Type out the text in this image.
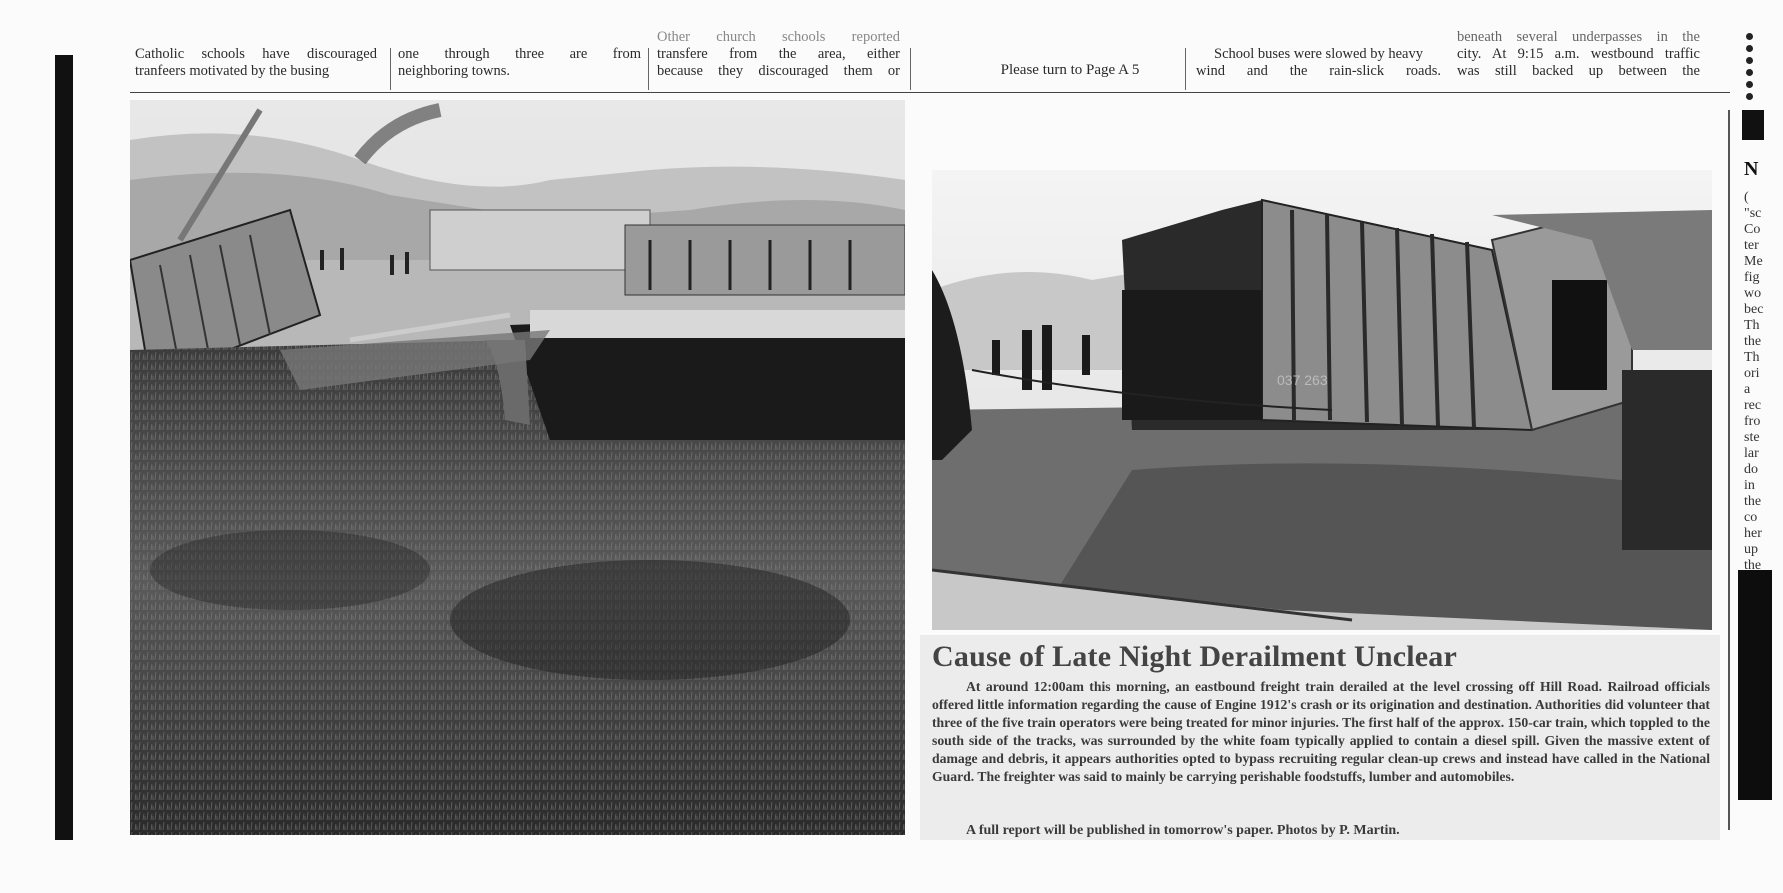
Catholic schools have discouraged
tranfeers motivated by the busing
one through three are from
neighboring towns.
Other church schools reported
transfere from the area, either
because they discouraged them or	Please turn to Page A 5
School buses were slowed by heavy
wind and the rain-slick roads.
beneath several underpasses in the
city. At 9:15 a.m. westbound traffic
was still backed up between the
037 263
Cause of Late Night Derailment Unclear
At around 12:00am this morning, an eastbound freight train derailed at the level crossing off Hill Road. Railroad officials offered little information regarding the cause of Engine 1912's crash or its origination and destination. Authorities did volunteer that three of the five train operators were being treated for minor injuries. The first half of the approx. 150-car train, which toppled to the south side of the tracks, was surrounded by the white foam typically applied to contain a diesel spill. Given the massive extent of damage and debris, it appears authorities opted to bypass recruiting regular clean-up crews and instead have called in the National Guard. The freighter was said to mainly be carrying perishable foodstuffs, lumber and automobiles.
A full report will be published in tomorrow's paper. Photos by P. Martin.
N
(
"sc
Co
ter
Me
fig
wo
bec
Th
the
Th
ori
a
rec
fro
ste
lar
do
in
the
co
her
up
the
